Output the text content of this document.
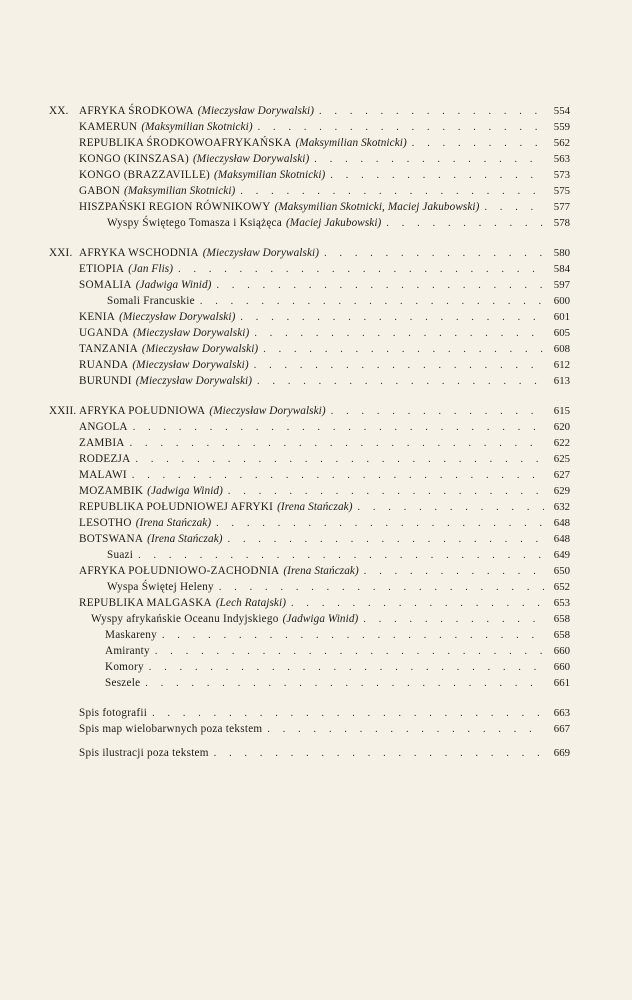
XX. AFRYKA ŚRODKOWA (Mieczysław Dorywalski) . . .	554
KAMERUN (Maksymilian Skotnicki) . . .	559
REPUBLIKA ŚRODKOWOAFRYKAŃSKA (Maksymilian Skotnicki) . . .	562
KONGO (KINSZASA) (Mieczysław Dorywalski) . . .	563
KONGO (BRAZZAVILLE) (Maksymilian Skotnicki) . . .	573
GABON (Maksymilian Skotnicki) . . .	575
HISZPAŃSKI REGION RÓWNIKOWY (Maksymilian Skotnicki, Maciej Jakubowski) . . .	577
Wyspy Świętego Tomasza i Książęca (Maciej Jakubowski) . . .	578
XXI. AFRYKA WSCHODNIA (Mieczysław Dorywalski) . . .	580
ETIOPIA (Jan Flis) . . .	584
SOMALIA (Jadwiga Winid) . . .	597
Somali Francuskie . . .	600
KENIA (Mieczysław Dorywalski) . . .	601
UGANDA (Mieczysław Dorywalski) . . .	605
TANZANIA (Mieczysław Dorywalski) . . .	608
RUANDA (Mieczysław Dorywalski) . . .	612
BURUNDI (Mieczysław Dorywalski) . . .	613
XXII. AFRYKA POŁUDNIOWA (Mieczysław Dorywalski) . . .	615
ANGOLA . . .	620
ZAMBIA . . .	622
RODEZJA . . .	625
MALAWI . . .	627
MOZAMBIK (Jadwiga Winid) . . .	629
REPUBLIKA POŁUDNIOWEJ AFRYKI (Irena Stańczak) . . .	632
LESOTHO (Irena Stańczak) . . .	648
BOTSWANA (Irena Stańczak) . . .	648
Suazi . . .	649
AFRYKA POŁUDNIOWO-ZACHODNIA (Irena Stańczak) . . .	650
Wyspa Świętej Heleny . . .	652
REPUBLIKA MALGASKA (Lech Ratajski) . . .	653
Wyspy afrykańskie Oceanu Indyjskiego (Jadwiga Winid) . . .	658
Maskareny . . .	658
Amiranty . . .	660
Komory . . .	660
Seszele . . .	661
Spis fotografii . . .	663
Spis map wielobarwnych poza tekstem . . .	667
Spis ilustracji poza tekstem . . .	669
